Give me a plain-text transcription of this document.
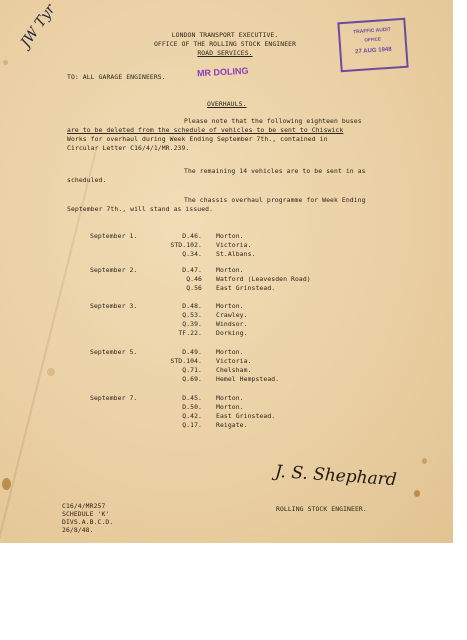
JW Tyr	LONDON TRANSPORT EXECUTIVE.
OFFICE OF THE ROLLING STOCK ENGINEER
ROAD SERVICES.
TRAFFIC AUDIT
OFFICE
27 AUG 1948
TO: ALL GARAGE ENGINEERS.	MR DOLING
OVERHAULS.
Please note that the following eighteen buses
are to be deleted from the schedule of vehicles to be sent to Chiswick
Works for overhaul during Week Ending September 7th., contained in
Circular Letter C16/4/1/MR.239.
The remaining 14 vehicles are to be sent in as
scheduled.
The chassis overhaul programme for Week Ending
September 7th., will stand as issued.
September 1.	D.46. Morton.
STD.102. Victoria.
Q.34. St.Albans.
September 2.	D.47. Morton.
Q.46 Watford (Leavesden Road)
Q.56 East Grinstead.
September 3.	D.48. Morton.
Q.53. Crawley.
Q.39. Windsor.
TF.22. Dorking.
September 5.	D.49. Morton.
STD.104. Victoria.
Q.71. Chelsham.
Q.69. Hemel Hempstead.
September 7.	D.45. Morton.
D.50. Morton.
Q.42. East Grinstead.
Q.17. Reigate.
J. S. Shephard
ROLLING STOCK ENGINEER.
C16/4/MR257
SCHEDULE 'K'
DIVS.A.B.C.D.
26/8/48.
